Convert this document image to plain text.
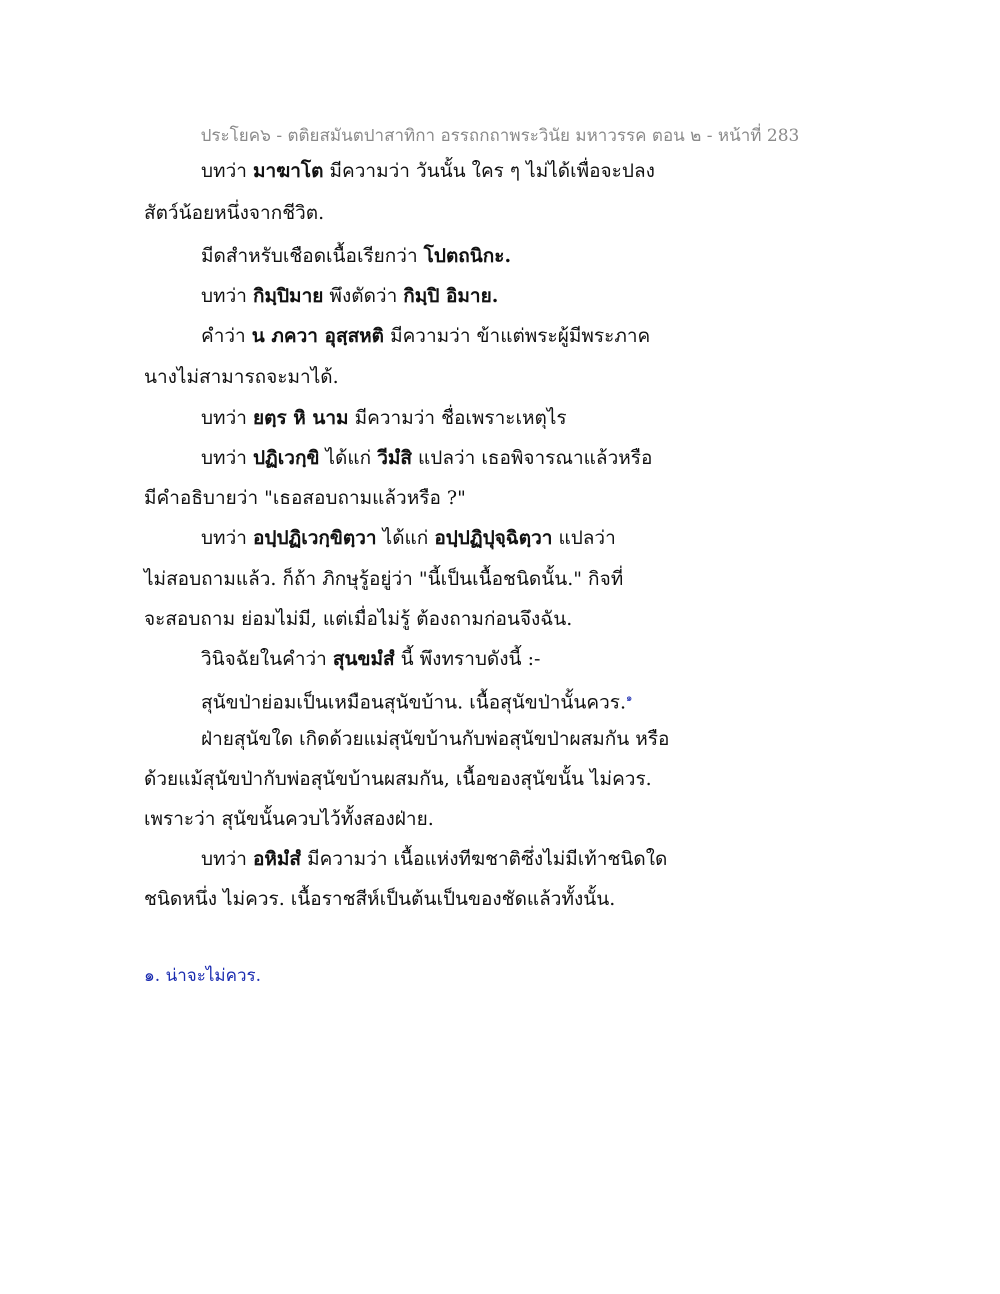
ประโยค๖ - ตติยสมันตปาสาทิกา อรรถกถาพระวินัย มหาวรรค ตอน ๒ - หน้าที่ 283
บทว่า มาฆาโต มีความว่า วันนั้น ใคร ๆ ไม่ได้เพื่อจะปลง
สัตว์น้อยหนึ่งจากชีวิต.
มีดสำหรับเชือดเนื้อเรียกว่า โปตถนิกะ.
บทว่า กิมฺปิมาย พึงตัดว่า กิมฺปิ อิมาย.
คำว่า น ภควา อุสฺสหติ มีความว่า ข้าแต่พระผู้มีพระภาค
นางไม่สามารถจะมาได้.
บทว่า ยตฺร หิ นาม มีความว่า ชื่อเพราะเหตุไร
บทว่า ปฏิเวกฺขิ ได้แก่ วีมํสิ แปลว่า เธอพิจารณาแล้วหรือ
มีคำอธิบายว่า "เธอสอบถามแล้วหรือ ?"
บทว่า อปฺปฏิเวกฺขิตฺวา ได้แก่ อปฺปฏิปุจฺฉิตฺวา แปลว่า
ไม่สอบถามแล้ว. ก็ถ้า ภิกษุรู้อยู่ว่า "นี้เป็นเนื้อชนิดนั้น." กิจที่
จะสอบถาม ย่อมไม่มี, แต่เมื่อไม่รู้ ต้องถามก่อนจึงฉัน.
วินิจฉัยในคำว่า สุนขมํสํ นี้ พึงทราบดังนี้ :-
สุนัขป่าย่อมเป็นเหมือนสุนัขบ้าน. เนื้อสุนัขป่านั้นควร.$^๑$
ฝ่ายสุนัขใด เกิดด้วยแม่สุนัขบ้านกับพ่อสุนัขป่าผสมกัน หรือ
ด้วยแม้สุนัขป่ากับพ่อสุนัขบ้านผสมกัน, เนื้อของสุนัขนั้น ไม่ควร.
เพราะว่า สุนัขนั้นควบไว้ทั้งสองฝ่าย.
บทว่า อหิมํสํ มีความว่า เนื้อแห่งทีฆชาติซึ่งไม่มีเท้าชนิดใด
ชนิดหนึ่ง ไม่ควร. เนื้อราชสีห์เป็นต้นเป็นของชัดแล้วทั้งนั้น.
๑. น่าจะไม่ควร.
